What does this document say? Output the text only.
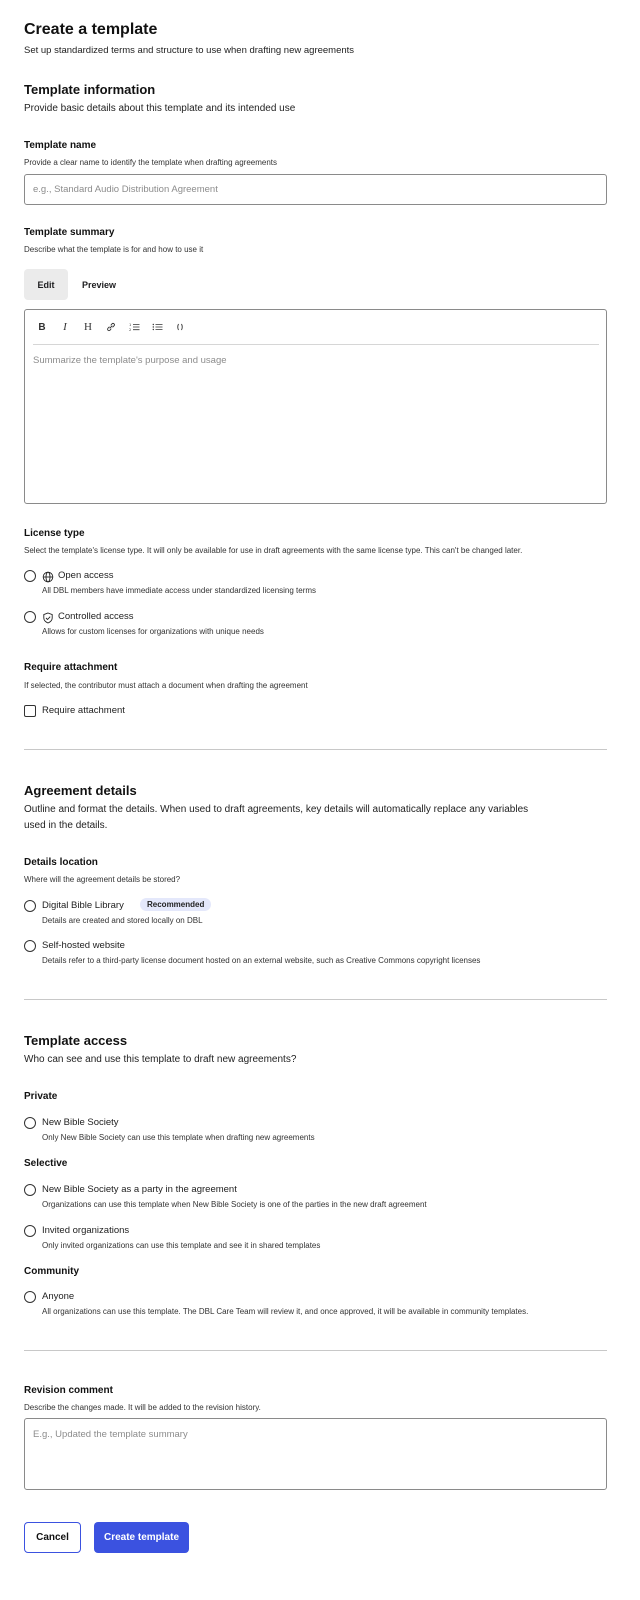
Create a template
Set up standardized terms and structure to use when drafting new agreements
Template information
Provide basic details about this template and its intended use
Template name
Provide a clear name to identify the template when drafting agreements
e.g., Standard Audio Distribution Agreement
Template summary
Describe what the template is for and how to use it
Edit	Preview
B	I	H	1
2
Summarize the template's purpose and usage
License type
Select the template's license type. It will only be available for use in draft agreements with the same license type. This can't be changed later.
Open access
All DBL members have immediate access under standardized licensing terms
Controlled access
Allows for custom licenses for organizations with unique needs
Require attachment
If selected, the contributor must attach a document when drafting the agreement
Require attachment
Agreement details
Outline and format the details. When used to draft agreements, key details will automatically replace any variables
used in the details.
Details location
Where will the agreement details be stored?
Digital Bible Library	Recommended
Details are created and stored locally on DBL
Self-hosted website
Details refer to a third-party license document hosted on an external website, such as Creative Commons copyright licenses
Template access
Who can see and use this template to draft new agreements?
Private
New Bible Society
Only New Bible Society can use this template when drafting new agreements
Selective
New Bible Society as a party in the agreement
Organizations can use this template when New Bible Society is one of the parties in the new draft agreement
Invited organizations
Only invited organizations can use this template and see it in shared templates
Community
Anyone
All organizations can use this template. The DBL Care Team will review it, and once approved, it will be available in community templates.
Revision comment
Describe the changes made. It will be added to the revision history.
E.g., Updated the template summary
Cancel	Create template
